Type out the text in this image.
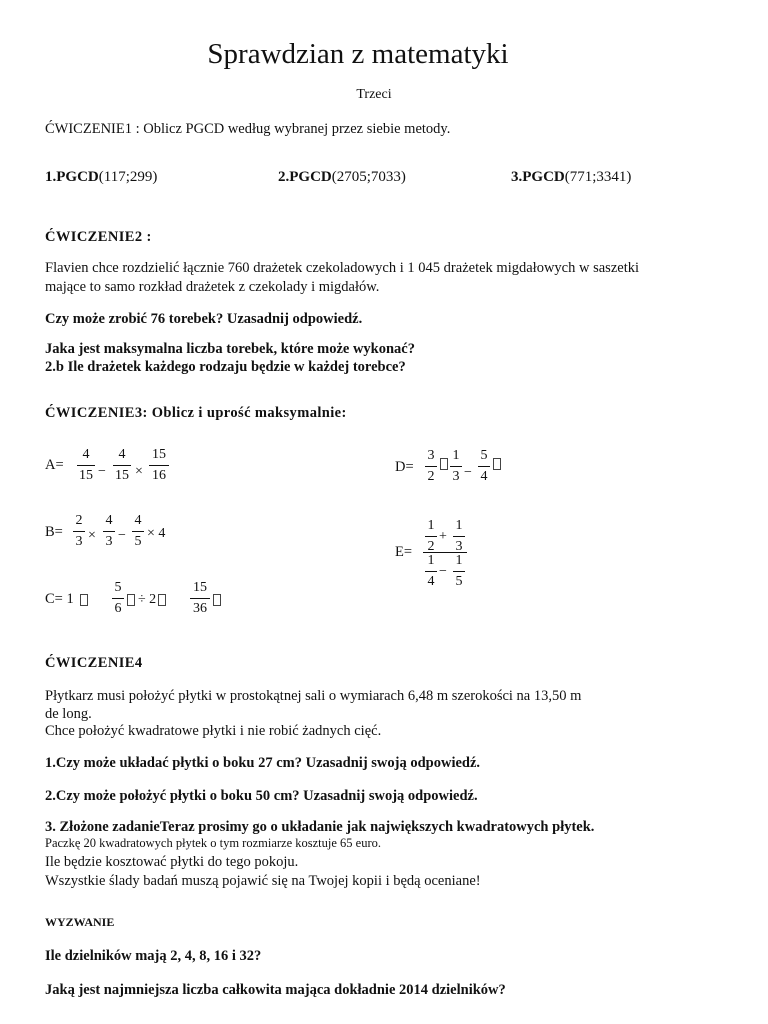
Sprawdzian z matematyki
Trzeci
ĆWICZENIE1 : Oblicz PGCD według wybranej przez siebie metody.
1.PGCD(117;299)	2.PGCD(2705;7033)	3.PGCD(771;3341)
ĆWICZENIE2 :
Flavien chce rozdzielić łącznie 760 drażetek czekoladowych i 1 045 drażetek migdałowych w saszetki mające to samo rozkład drażetek z czekolady i migdałów.
Czy może zrobić 76 torebek? Uzasadnij odpowiedź.
Jaka jest maksymalna liczba torebek, które może wykonać?
2.b Ile drażetek każdego rodzaju będzie w każdej torebce?
ĆWICZENIE3: Oblicz i uprość maksymalnie:
A=
4
15 −
4
15 ×
15
16
D=
3
2
1
3 −
5
4
B=
2
3 ×
4
3 −
4
5
× 4
E=
1
2
+
1
3
1
4
−
1
5
C= 1
5
6
÷ 2
15
36
ĆWICZENIE4
Płytkarz musi położyć płytki w prostokątnej sali o wymiarach 6,48 m szerokości na 13,50 m
de long.
Chce położyć kwadratowe płytki i nie robić żadnych cięć.
1.Czy może układać płytki o boku 27 cm? Uzasadnij swoją odpowiedź.
2.Czy może położyć płytki o boku 50 cm? Uzasadnij swoją odpowiedź.
3. Złożone zadanieTeraz prosimy go o układanie jak największych kwadratowych płytek.
Paczkę 20 kwadratowych płytek o tym rozmiarze kosztuje 65 euro.
Ile będzie kosztować płytki do tego pokoju.
Wszystkie ślady badań muszą pojawić się na Twojej kopii i będą oceniane!
WYZWANIE
Ile dzielników mają 2, 4, 8, 16 i 32?
Jaką jest najmniejsza liczba całkowita mająca dokładnie 2014 dzielników?
